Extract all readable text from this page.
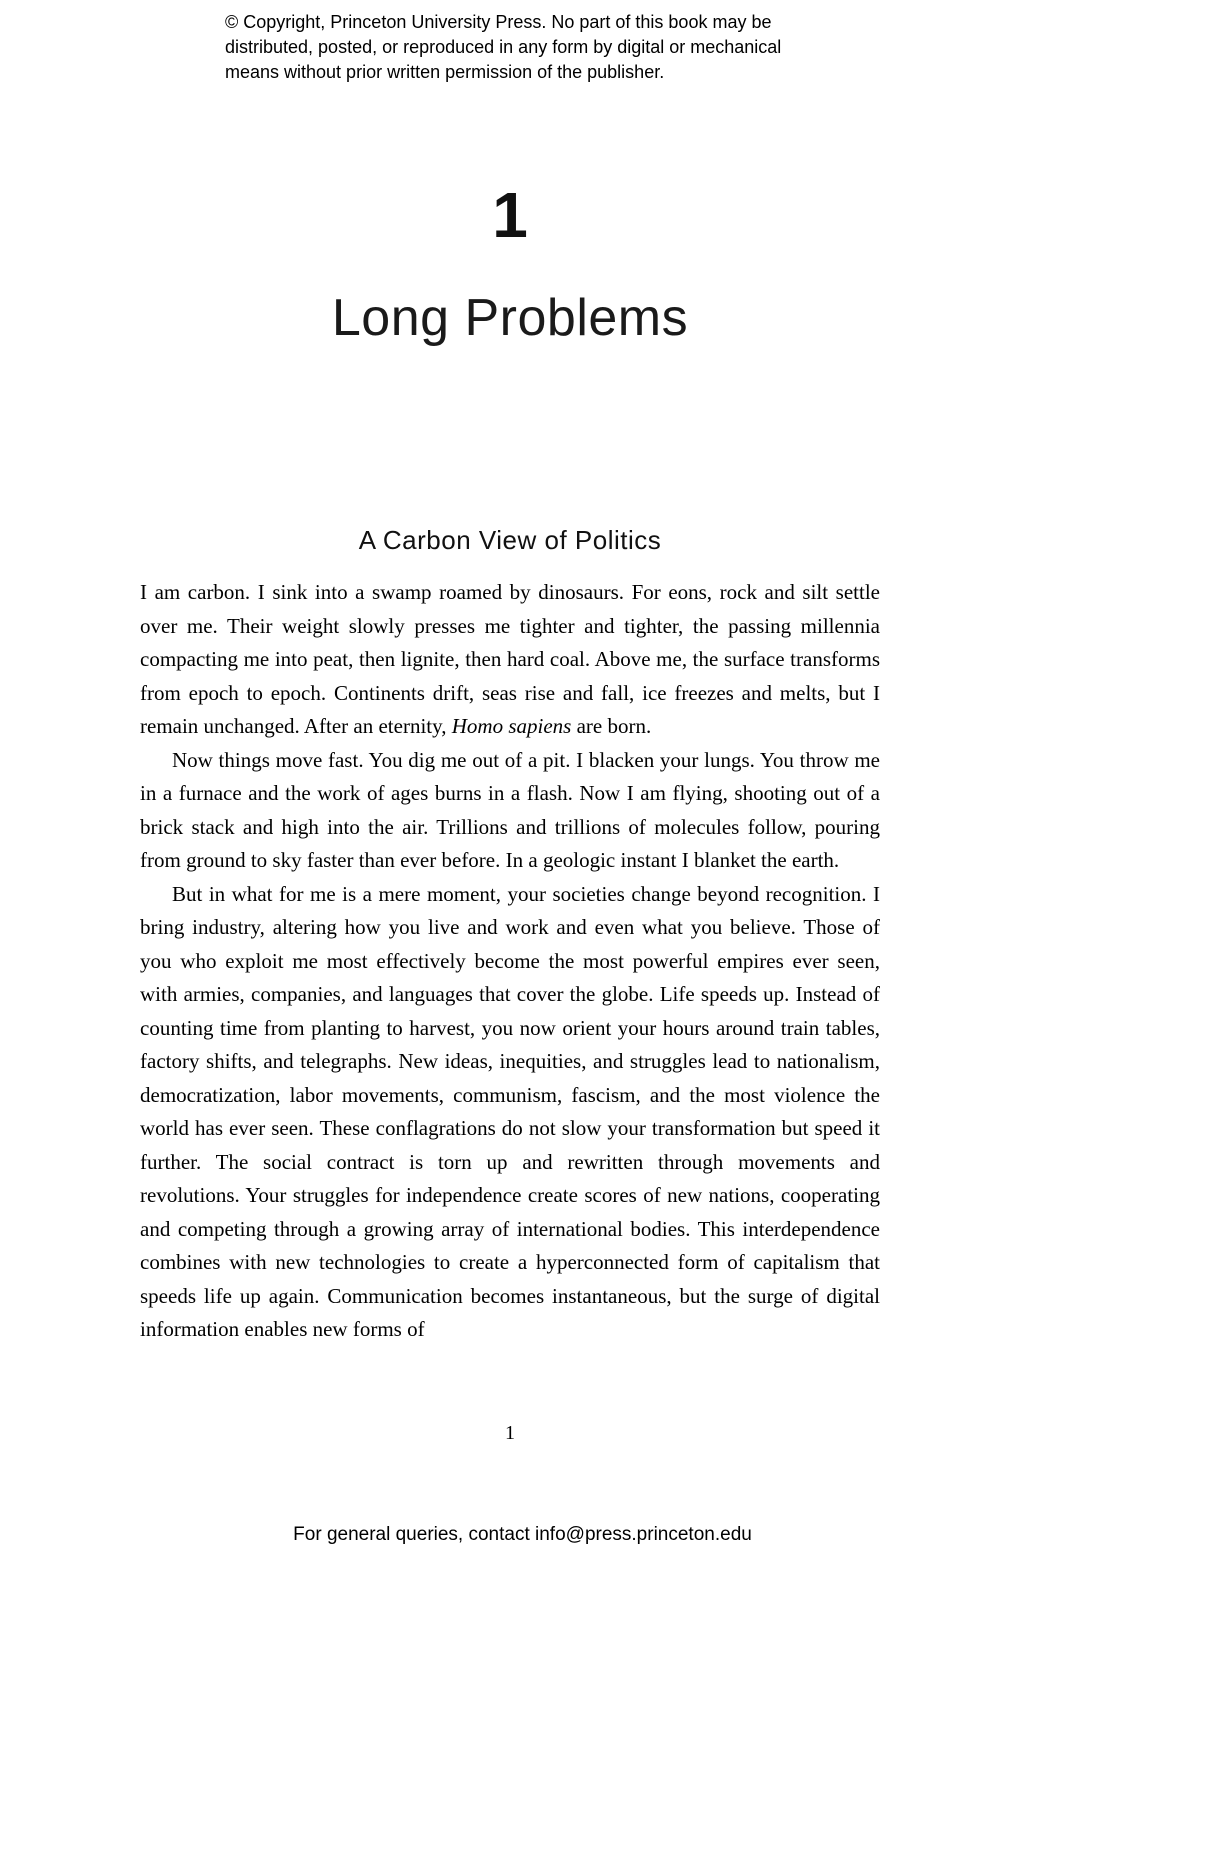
© Copyright, Princeton University Press. No part of this book may be distributed, posted, or reproduced in any form by digital or mechanical means without prior written permission of the publisher.
1
Long Problems
A Carbon View of Politics

I am carbon. I sink into a swamp roamed by dinosaurs. For eons, rock and silt settle over me. Their weight slowly presses me tighter and tighter, the passing millennia compacting me into peat, then lignite, then hard coal. Above me, the surface transforms from epoch to epoch. Continents drift, seas rise and fall, ice freezes and melts, but I remain unchanged. After an eternity, Homo sapiens are born.

Now things move fast. You dig me out of a pit. I blacken your lungs. You throw me in a furnace and the work of ages burns in a flash. Now I am flying, shooting out of a brick stack and high into the air. Trillions and trillions of molecules follow, pouring from ground to sky faster than ever before. In a geologic instant I blanket the earth.

But in what for me is a mere moment, your societies change beyond recognition. I bring industry, altering how you live and work and even what you believe. Those of you who exploit me most effectively become the most powerful empires ever seen, with armies, companies, and languages that cover the globe. Life speeds up. Instead of counting time from planting to harvest, you now orient your hours around train tables, factory shifts, and telegraphs. New ideas, inequities, and struggles lead to nationalism, democratization, labor movements, communism, fascism, and the most violence the world has ever seen. These conflagrations do not slow your transformation but speed it further. The social contract is torn up and rewritten through movements and revolutions. Your struggles for independence create scores of new nations, cooperating and competing through a growing array of international bodies. This interdependence combines with new technologies to create a hyperconnected form of capitalism that speeds life up again. Communication becomes instantaneous, but the surge of digital information enables new forms of

1
For general queries, contact info@press.princeton.edu
